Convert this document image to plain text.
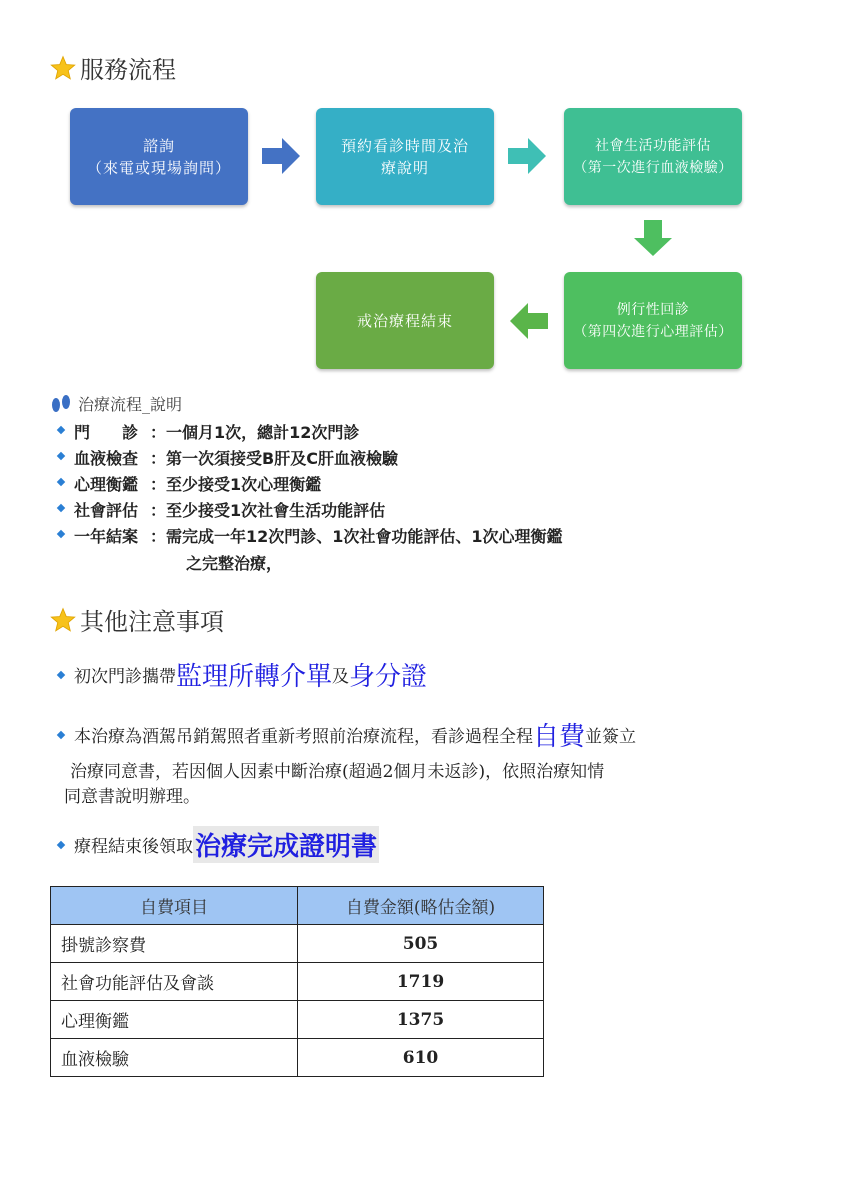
服務流程
諮詢
（來電或現場詢問）
預約看診時間及治
療說明
社會生活功能評估
（第一次進行血液檢驗）
例行性回診
（第四次進行心理評估）
戒治療程結束
治療流程_說明
門　　診 ：一個月1次，總計12次門診
血液檢查 ：第一次須接受B肝及C肝血液檢驗
心理衡鑑 ：至少接受1次心理衡鑑
社會評估 ：至少接受1次社會生活功能評估
一年結案 ：需完成一年12次門診、1次社會功能評估、1次心理衡鑑
之完整治療，
其他注意事項
初次門診攜帶 監理所轉介單 及 身分證
本治療為酒駕吊銷駕照者重新考照前治療流程，看診過程全程 自費 並簽立
治療同意書，若因個人因素中斷治療(超過2個月未返診)，依照治療知情
同意書說明辦理。
療程結束後領取 治療完成證明書
自費項目	自費金額(略估金額)
掛號診察費	505
社會功能評估及會談	1719
心理衡鑑	1375
血液檢驗	610
